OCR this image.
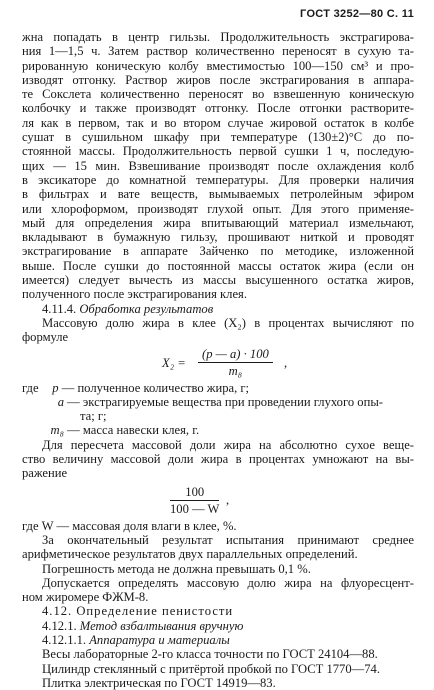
ГОСТ 3252—80 С. 11
жна попадать в центр гильзы. Продолжительность экстрагирова-
ния 1—1,5 ч. Затем раствор количественно переносят в сухую та-
рированную коническую колбу вместимостью 100—150 см³ и про-
изводят отгонку. Раствор жиров после экстрагирования в аппара-
те Сокслета количественно переносят во взвешенную коническую
колбочку и также производят отгонку. После отгонки растворите-
ля как в первом, так и во втором случае жировой остаток в колбе
сушат в сушильном шкафу при температуре (130±2)°С до по-
стоянной массы. Продолжительность первой сушки 1 ч, последую-
щих — 15 мин. Взвешивание производят после охлаждения колб
в эксикаторе до комнатной температуры. Для проверки наличия
в фильтрах и вате веществ, вымываемых петролейным эфиром
или хлороформом, производят глухой опыт. Для этого применяе-
мый для определения жира впитывающий материал измельчают,
вкладывают в бумажную гильзу, прошивают ниткой и проводят
экстрагирование в аппарате Зайченко по методике, изложенной
выше. После сушки до постоянной массы остаток жира (если он
имеется) следует вычесть из массы высушенного остатка жиров,
полученного после экстрагирования клея.
4.11.4. Обработка результатов
Массовую долю жира в клее (X₂) в процентах вычисляют по
формуле
$X_2 = \frac{(p — a) \cdot 100}{\text{m₈}}$ ,
где p — полученное количество жира, г;
a — экстрагируемые вещества при проведении глухого опы-
та; г;
m₈ — масса навески клея, г.
Для пересчета массовой доли жира на абсолютно сухое веще-
ство величину массовой доли жира в процентах умножают на вы-
ражение
$\frac{100}{100 — W}$ ,
где W — массовая доля влаги в клее, %.
За окончательный результат испытания принимают среднее
арифметическое результатов двух параллельных определений.
Погрешность метода не должна превышать 0,1 %.
Допускается определять массовую долю жира на флуоресцент-
ном жиромере ФЖМ-8.
4.12. Определение пенистости
4.12.1. Метод взбалтывания вручную
4.12.1.1. Аппаратура и материалы
Весы лабораторные 2-го класса точности по ГОСТ 24104—88.
Цилиндр стеклянный с притёртой пробкой по ГОСТ 1770—74.
Плитка электрическая по ГОСТ 14919—83.
